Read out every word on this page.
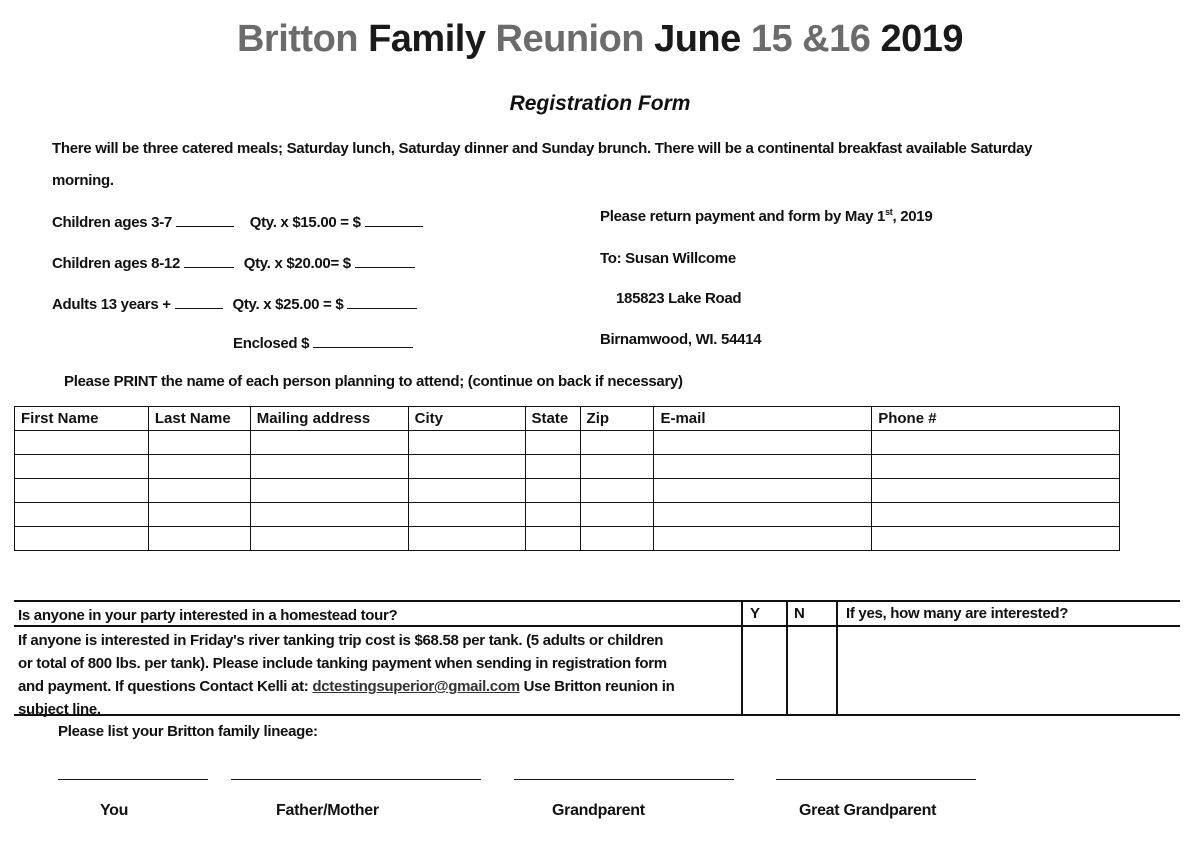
Britton Family Reunion June 15 &16 2019
Registration Form
There will be three catered meals; Saturday lunch, Saturday dinner and Sunday brunch. There will be a continental breakfast available Saturday
morning.
Children ages 3-7	Qty. x $15.00 = $
Children ages 8-12	Qty. x $20.00= $
Adults 13 years +	Qty. x $25.00 = $
Enclosed $
Please return payment and form by May 1st, 2019
To: Susan Willcome
185823 Lake Road
Birnamwood, WI. 54414
Please PRINT the name of each person planning to attend; (continue on back if necessary)
First Name	Last Name	Mailing address	City	State	Zip	E-mail	Phone #

Is anyone in your party interested in a homestead tour?	Y N	If yes, how many are interested?
If anyone is interested in Friday's river tanking trip cost is $68.58 per tank. (5 adults or children
or total of 800 lbs. per tank). Please include tanking payment when sending in registration form
and payment. If questions Contact Kelli at: dctestingsuperior@gmail.com Use Britton reunion in
subject line.
Please list your Britton family lineage:
You	Father/Mother	Grandparent	Great Grandparent
